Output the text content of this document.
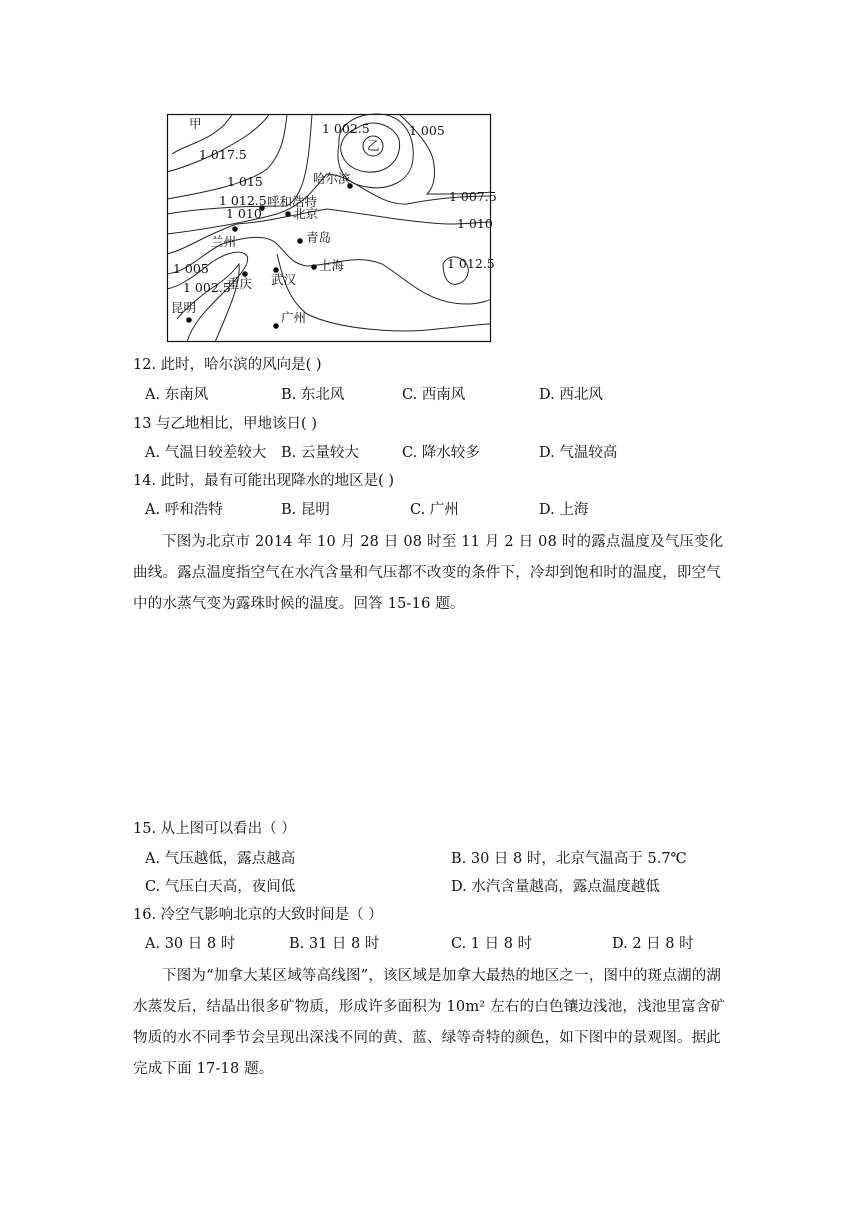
甲
乙
1 002.5	1 005
1 017.5
1 015
1 012.5
1 010
1 007.5
1 010
1 012.5
1 005
1 002.5
哈尔滨
呼和浩特
北京
兰州	青岛
上海
武汉
重庆
昆明
广州
12. 此时，哈尔滨的风向是( )
A. 东南风	B. 东北风	C. 西南风	D. 西北风
13 与乙地相比，甲地该日( )
A. 气温日较差较大 B. 云量较大	C. 降水较多	D. 气温较高
14. 此时，最有可能出现降水的地区是( )
A. 呼和浩特	B. 昆明	C. 广州	D. 上海
下图为北京市 2014 年 10 月 28 日 08 时至 11 月 2 日 08 时的露点温度及气压变化曲线。露点温度指空气在水汽含量和气压都不改变的条件下，冷却到饱和时的温度，即空气中的水蒸气变为露珠时候的温度。回答 15-16 题。
15. 从上图可以看出（ ）
A. 气压越低，露点越高	B. 30 日 8 时，北京气温高于 5.7℃
C. 气压白天高，夜间低	D. 水汽含量越高，露点温度越低
16. 冷空气影响北京的大致时间是（ ）
A. 30 日 8 时	B. 31 日 8 时	C. 1 日 8 时	D. 2 日 8 时
下图为“加拿大某区域等高线图”，该区域是加拿大最热的地区之一，图中的斑点湖的湖水蒸发后，结晶出很多矿物质，形成许多面积为 10m² 左右的白色镶边浅池，浅池里富含矿物质的水不同季节会呈现出深浅不同的黄、蓝、绿等奇特的颜色，如下图中的景观图。据此完成下面 17-18 题。
